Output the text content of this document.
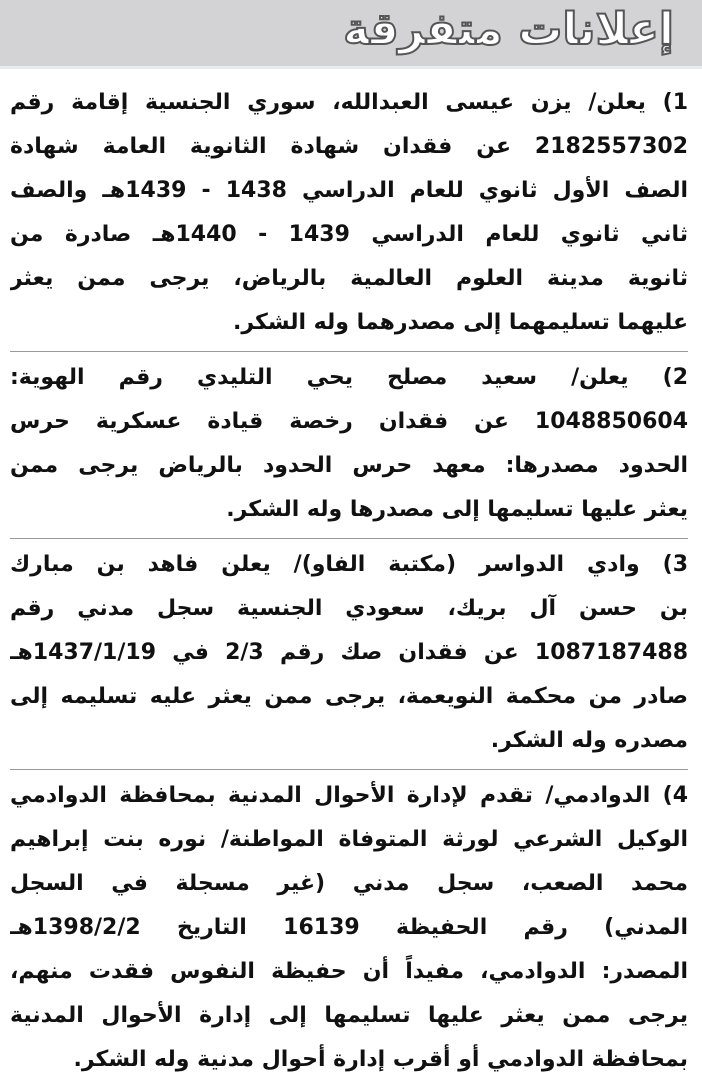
إعلانات متفرقة
1) يعلن/ يزن عيسى العبدالله، سوري الجنسية إقامة رقم
2182557302 عن فقدان شهادة الثانوية العامة شهادة
الصف الأول ثانوي للعام الدراسي 1438 - 1439هـ والصف
ثاني ثانوي للعام الدراسي 1439 - 1440هـ صادرة من
ثانوية مدينة العلوم العالمية بالرياض، يرجى ممن يعثر
عليهما تسليمهما إلى مصدرهما وله الشكر.
2) يعلن/ سعيد مصلح يحي التليدي رقم الهوية:
1048850604 عن فقدان رخصة قيادة عسكرية حرس
الحدود مصدرها: معهد حرس الحدود بالرياض يرجى ممن
يعثر عليها تسليمها إلى مصدرها وله الشكر.
3) وادي الدواسر (مكتبة الفاو)/ يعلن فاهد بن مبارك
بن حسن آل بريك، سعودي الجنسية سجل مدني رقم
1087187488 عن فقدان صك رقم 2/3 في 1437/1/19هـ
صادر من محكمة النويعمة، يرجى ممن يعثر عليه تسليمه إلى
مصدره وله الشكر.
4) الدوادمي/ تقدم لإدارة الأحوال المدنية بمحافظة الدوادمي
الوكيل الشرعي لورثة المتوفاة المواطنة/ نوره بنت إبراهيم
محمد الصعب، سجل مدني (غير مسجلة في السجل
المدني) رقم الحفيظة 16139 التاريخ 1398/2/2هـ
المصدر: الدوادمي، مفيداً أن حفيظة النفوس فقدت منهم،
يرجى ممن يعثر عليها تسليمها إلى إدارة الأحوال المدنية
بمحافظة الدوادمي أو أقرب إدارة أحوال مدنية وله الشكر.
